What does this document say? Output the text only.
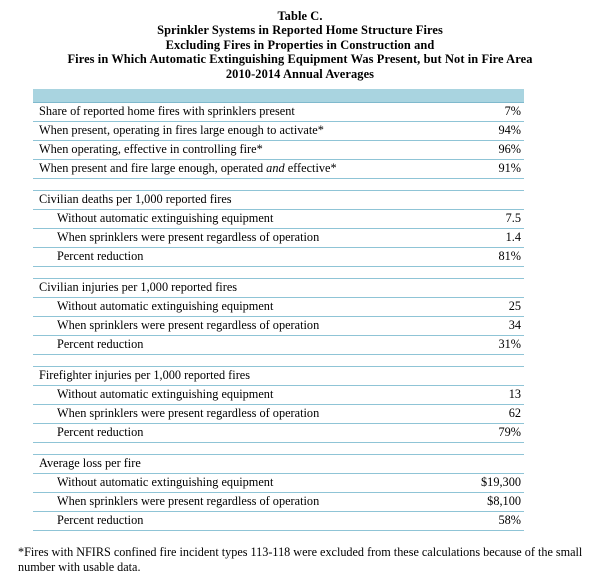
Table C.
Sprinkler Systems in Reported Home Structure Fires
Excluding Fires in Properties in Construction and
Fires in Which Automatic Extinguishing Equipment Was Present, but Not in Fire Area
2010-2014 Annual Averages

Share of reported home fires with sprinklers present	7%
When present, operating in fires large enough to activate*	94%
When operating, effective in controlling fire*	96%
When present and fire large enough, operated and effective*	91%

Civilian deaths per 1,000 reported fires	
Without automatic extinguishing equipment	7.5
When sprinklers were present regardless of operation	1.4
Percent reduction	81%

Civilian injuries per 1,000 reported fires	
Without automatic extinguishing equipment	25
When sprinklers were present regardless of operation	34
Percent reduction	31%

Firefighter injuries per 1,000 reported fires	
Without automatic extinguishing equipment	13
When sprinklers were present regardless of operation	62
Percent reduction	79%

Average loss per fire	
Without automatic extinguishing equipment	$19,300
When sprinklers were present regardless of operation	$8,100
Percent reduction	58%
*Fires with NFIRS confined fire incident types 113-118 were excluded from these calculations because of the small number with usable data.
